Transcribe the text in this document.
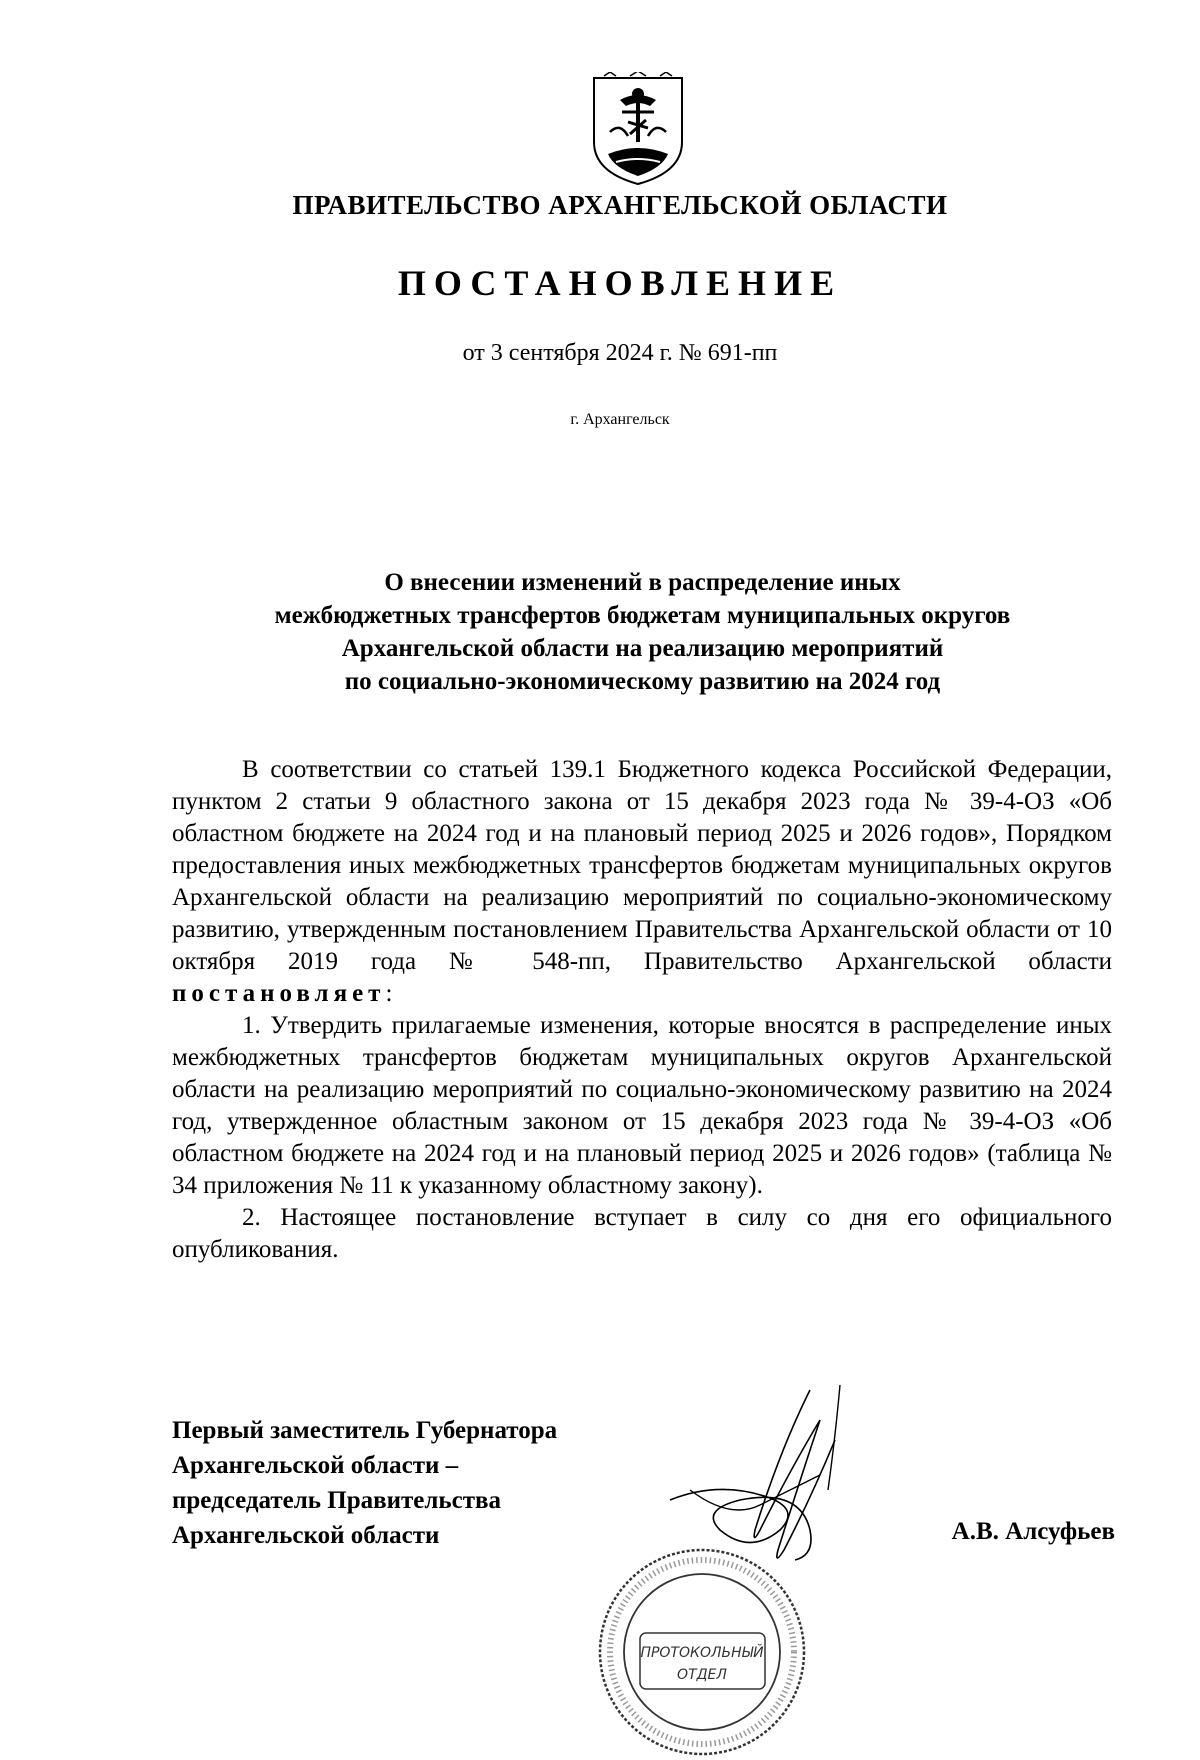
ПРАВИТЕЛЬСТВО АРХАНГЕЛЬСКОЙ ОБЛАСТИ
ПОСТАНОВЛЕНИЕ
от 3 сентября 2024 г. № 691-пп
г. Архангельск
О внесении изменений в распределение иных
межбюджетных трансфертов бюджетам муниципальных округов
Архангельской области на реализацию мероприятий
по социально-экономическому развитию на 2024 год

В соответствии со статьей 139.1 Бюджетного кодекса Российской Федерации, пунктом 2 статьи 9 областного закона от 15 декабря 2023 года № 39-4-ОЗ «Об областном бюджете на 2024 год и на плановый период 2025 и 2026 годов», Порядком предоставления иных межбюджетных трансфертов бюджетам муниципальных округов Архангельской области на реализацию мероприятий по социально-экономическому развитию, утвержденным постановлением Правительства Архангельской области от 10 октября 2019 года № 548-пп, Правительство Архангельской области постановляет:

1. Утвердить прилагаемые изменения, которые вносятся в распределение иных межбюджетных трансфертов бюджетам муниципальных округов Архангельской области на реализацию мероприятий по социально-экономическому развитию на 2024 год, утвержденное областным законом от 15 декабря 2023 года № 39-4-ОЗ «Об областном бюджете на 2024 год и на плановый период 2025 и 2026 годов» (таблица № 34 приложения № 11 к указанному областному закону).

2. Настоящее постановление вступает в силу со дня его официального опубликования.

Первый заместитель Губернатора
Архангельской области –
председатель Правительства
Архангельской области	А.В. Алсуфьев
ПРОТОКОЛЬНЫЙ
ОТДЕЛ
